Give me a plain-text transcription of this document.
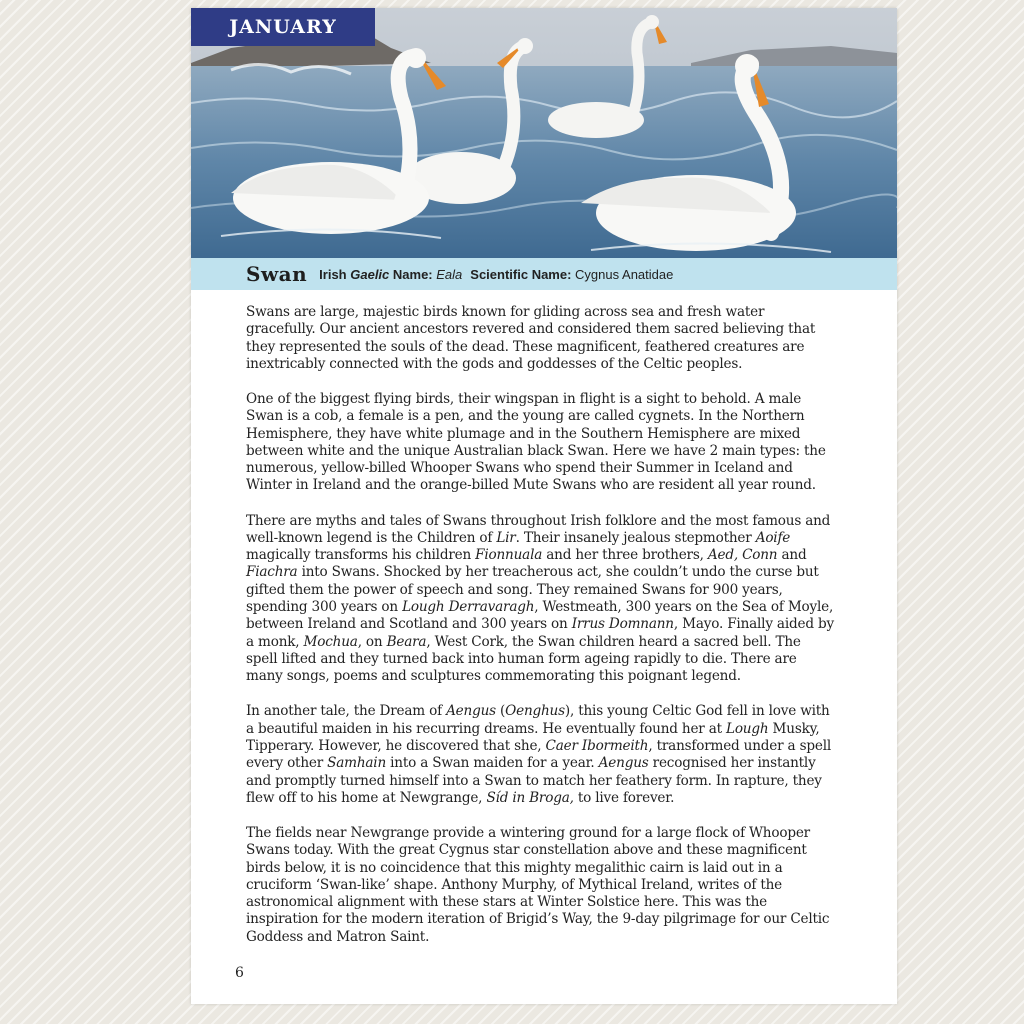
JANUARY
Swan Irish Gaelic Name: Eala Scientific Name: Cygnus Anatidae

Swans are large, majestic birds known for gliding across sea and fresh water gracefully. Our ancient ancestors revered and considered them sacred believing that they represented the souls of the dead. These magnificent, feathered creatures are inextricably connected with the gods and goddesses of the Celtic peoples.

One of the biggest flying birds, their wingspan in flight is a sight to behold. A male Swan is a cob, a female is a pen, and the young are called cygnets. In the Northern Hemisphere, they have white plumage and in the Southern Hemisphere are mixed between white and the unique Australian black Swan. Here we have 2 main types: the numerous, yellow-billed Whooper Swans who spend their Summer in Iceland and Winter in Ireland and the orange-billed Mute Swans who are resident all year round.

There are myths and tales of Swans throughout Irish folklore and the most famous and well-known legend is the Children of Lir. Their insanely jealous stepmother Aoife magically transforms his children Fionnuala and her three brothers, Aed, Conn and Fiachra into Swans. Shocked by her treacherous act, she couldn’t undo the curse but gifted them the power of speech and song. They remained Swans for 900 years, spending 300 years on Lough Derravaragh, Westmeath, 300 years on the Sea of Moyle, between Ireland and Scotland and 300 years on Irrus Domnann, Mayo. Finally aided by a monk, Mochua, on Beara, West Cork, the Swan children heard a sacred bell. The spell lifted and they turned back into human form ageing rapidly to die. There are many songs, poems and sculptures commemorating this poignant legend.

In another tale, the Dream of Aengus (Oenghus), this young Celtic God fell in love with a beautiful maiden in his recurring dreams. He eventually found her at Lough Musky, Tipperary. However, he discovered that she, Caer Ibormeith, transformed under a spell every other Samhain into a Swan maiden for a year. Aengus recognised her instantly and promptly turned himself into a Swan to match her feathery form. In rapture, they flew off to his home at Newgrange, Síd in Broga, to live forever.

The fields near Newgrange provide a wintering ground for a large flock of Whooper Swans today. With the great Cygnus star constellation above and these magnificent birds below, it is no coincidence that this mighty megalithic cairn is laid out in a cruciform ‘Swan-like’ shape. Anthony Murphy, of Mythical Ireland, writes of the astronomical alignment with these stars at Winter Solstice here. This was the inspiration for the modern iteration of Brigid’s Way, the 9-day pilgrimage for our Celtic Goddess and Matron Saint.

6
